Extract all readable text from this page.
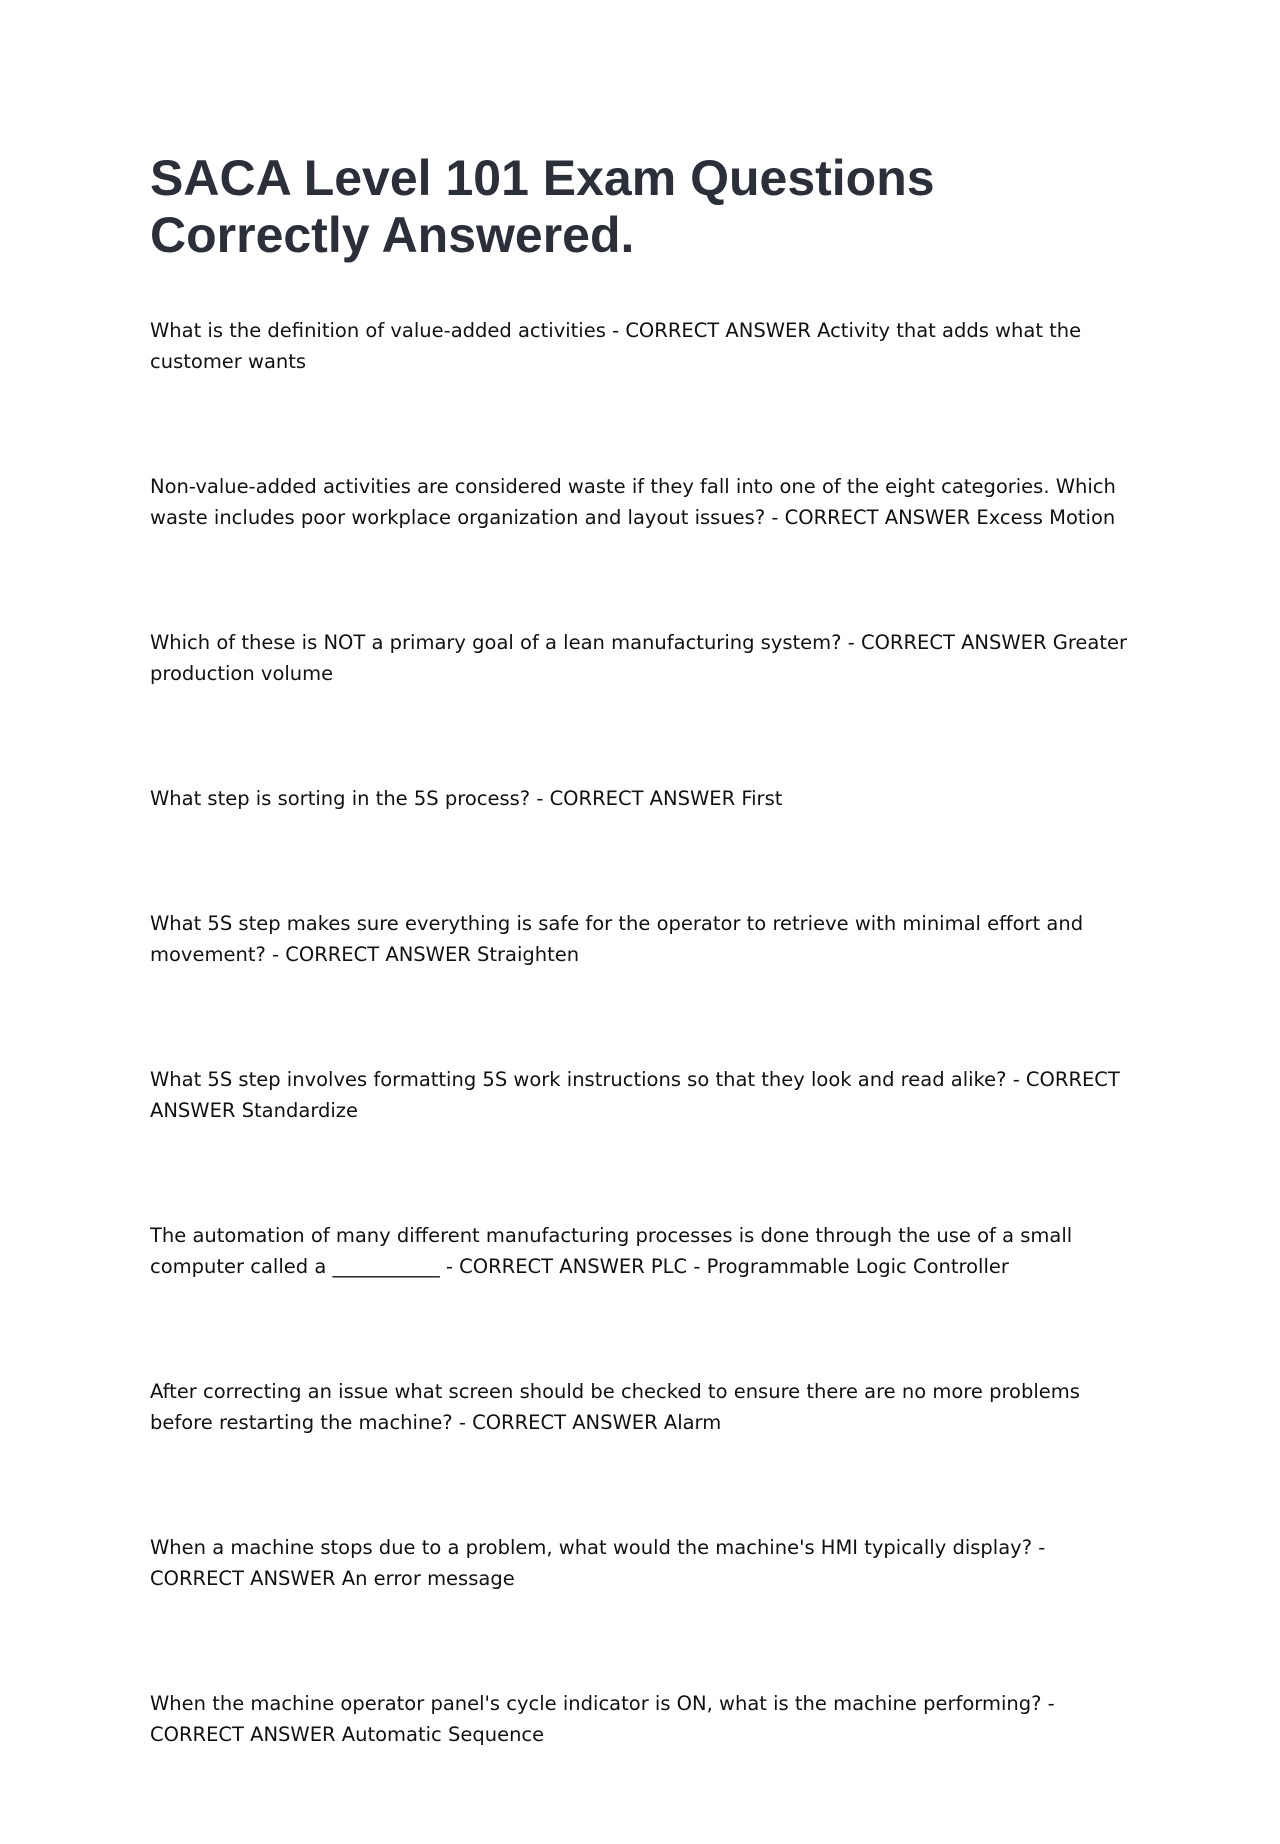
SACA Level 101 Exam Questions
Correctly Answered.

What is the definition of value-added activities - CORRECT ANSWER Activity that adds what the customer wants

Non-value-added activities are considered waste if they fall into one of the eight categories. Which waste includes poor workplace organization and layout issues? - CORRECT ANSWER Excess Motion

Which of these is NOT a primary goal of a lean manufacturing system? - CORRECT ANSWER Greater production volume

What step is sorting in the 5S process? - CORRECT ANSWER First

What 5S step makes sure everything is safe for the operator to retrieve with minimal effort and movement? - CORRECT ANSWER Straighten

What 5S step involves formatting 5S work instructions so that they look and read alike? - CORRECT ANSWER Standardize

The automation of many different manufacturing processes is done through the use of a small computer called a ___________ - CORRECT ANSWER PLC - Programmable Logic Controller

After correcting an issue what screen should be checked to ensure there are no more problems before restarting the machine? - CORRECT ANSWER Alarm

When a machine stops due to a problem, what would the machine's HMI typically display? - CORRECT ANSWER An error message

When the machine operator panel's cycle indicator is ON, what is the machine performing? - CORRECT ANSWER Automatic Sequence
